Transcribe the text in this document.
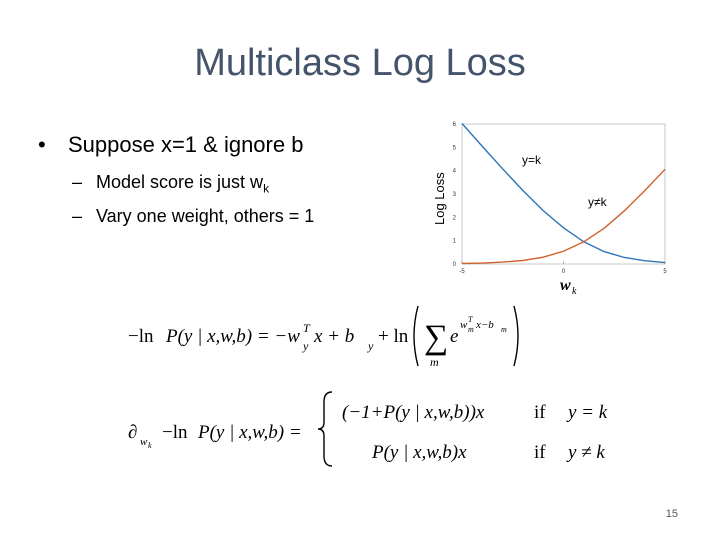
Multiclass Log Loss
•	Suppose x=1 & ignore b
– Model score is just $w_k$
– Vary one weight, others = 1	Log Loss
0
1
2
3
4
5
6
-5	0	5
y=k
y≠k
w k
−ln P(y | x,w,b) = −w T
y x + b y + ln ∑
m
e
w T
m x−b m
∂ w k
−ln P(y | x,w,b) =
(−1+P(y | x,w,b))x	if y = k
P(y | x,w,b)x	if y ≠ k
15
